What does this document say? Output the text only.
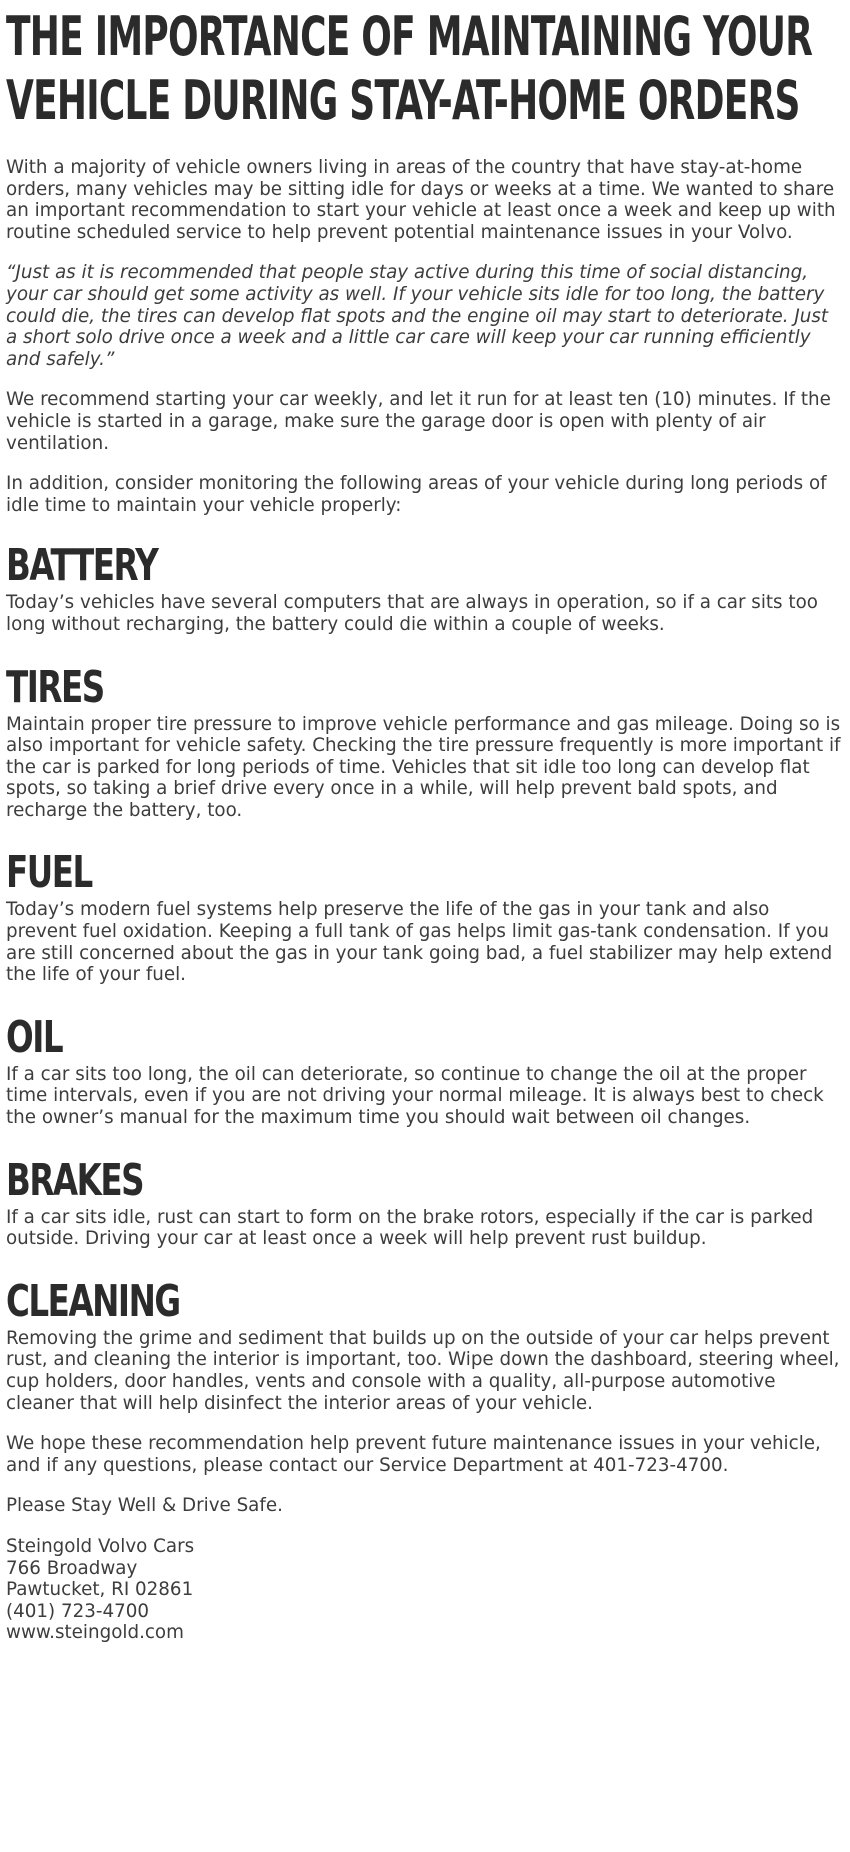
THE IMPORTANCE OF MAINTAINING YOUR VEHICLE DURING STAY-AT-HOME ORDERS

With a majority of vehicle owners living in areas of the country that have stay-at-home orders, many vehicles may be sitting idle for days or weeks at a time. We wanted to share an important recommendation to start your vehicle at least once a week and keep up with routine scheduled service to help prevent potential maintenance issues in your Volvo.

“Just as it is recommended that people stay active during this time of social distancing, your car should get some activity as well. If your vehicle sits idle for too long, the battery could die, the tires can develop flat spots and the engine oil may start to deteriorate. Just a short solo drive once a week and a little car care will keep your car running efficiently and safely.”

We recommend starting your car weekly, and let it run for at least ten (10) minutes. If the vehicle is started in a garage, make sure the garage door is open with plenty of air ventilation.

In addition, consider monitoring the following areas of your vehicle during long periods of idle time to maintain your vehicle properly:

BATTERY

Today’s vehicles have several computers that are always in operation, so if a car sits too long without recharging, the battery could die within a couple of weeks.

TIRES

Maintain proper tire pressure to improve vehicle performance and gas mileage. Doing so is also important for vehicle safety. Checking the tire pressure frequently is more important if the car is parked for long periods of time. Vehicles that sit idle too long can develop flat spots, so taking a brief drive every once in a while, will help prevent bald spots, and recharge the battery, too.

FUEL

Today’s modern fuel systems help preserve the life of the gas in your tank and also prevent fuel oxidation. Keeping a full tank of gas helps limit gas-tank condensation. If you are still concerned about the gas in your tank going bad, a fuel stabilizer may help extend the life of your fuel.

OIL

If a car sits too long, the oil can deteriorate, so continue to change the oil at the proper time intervals, even if you are not driving your normal mileage. It is always best to check the owner’s manual for the maximum time you should wait between oil changes.

BRAKES

If a car sits idle, rust can start to form on the brake rotors, especially if the car is parked outside. Driving your car at least once a week will help prevent rust buildup.

CLEANING

Removing the grime and sediment that builds up on the outside of your car helps prevent rust, and cleaning the interior is important, too. Wipe down the dashboard, steering wheel, cup holders, door handles, vents and console with a quality, all-purpose automotive cleaner that will help disinfect the interior areas of your vehicle.

We hope these recommendation help prevent future maintenance issues in your vehicle, and if any questions, please contact our Service Department at 401-723-4700.

Please Stay Well & Drive Safe.

Steingold Volvo Cars

766 Broadway

Pawtucket, RI 02861

(401) 723-4700

www.steingold.com
